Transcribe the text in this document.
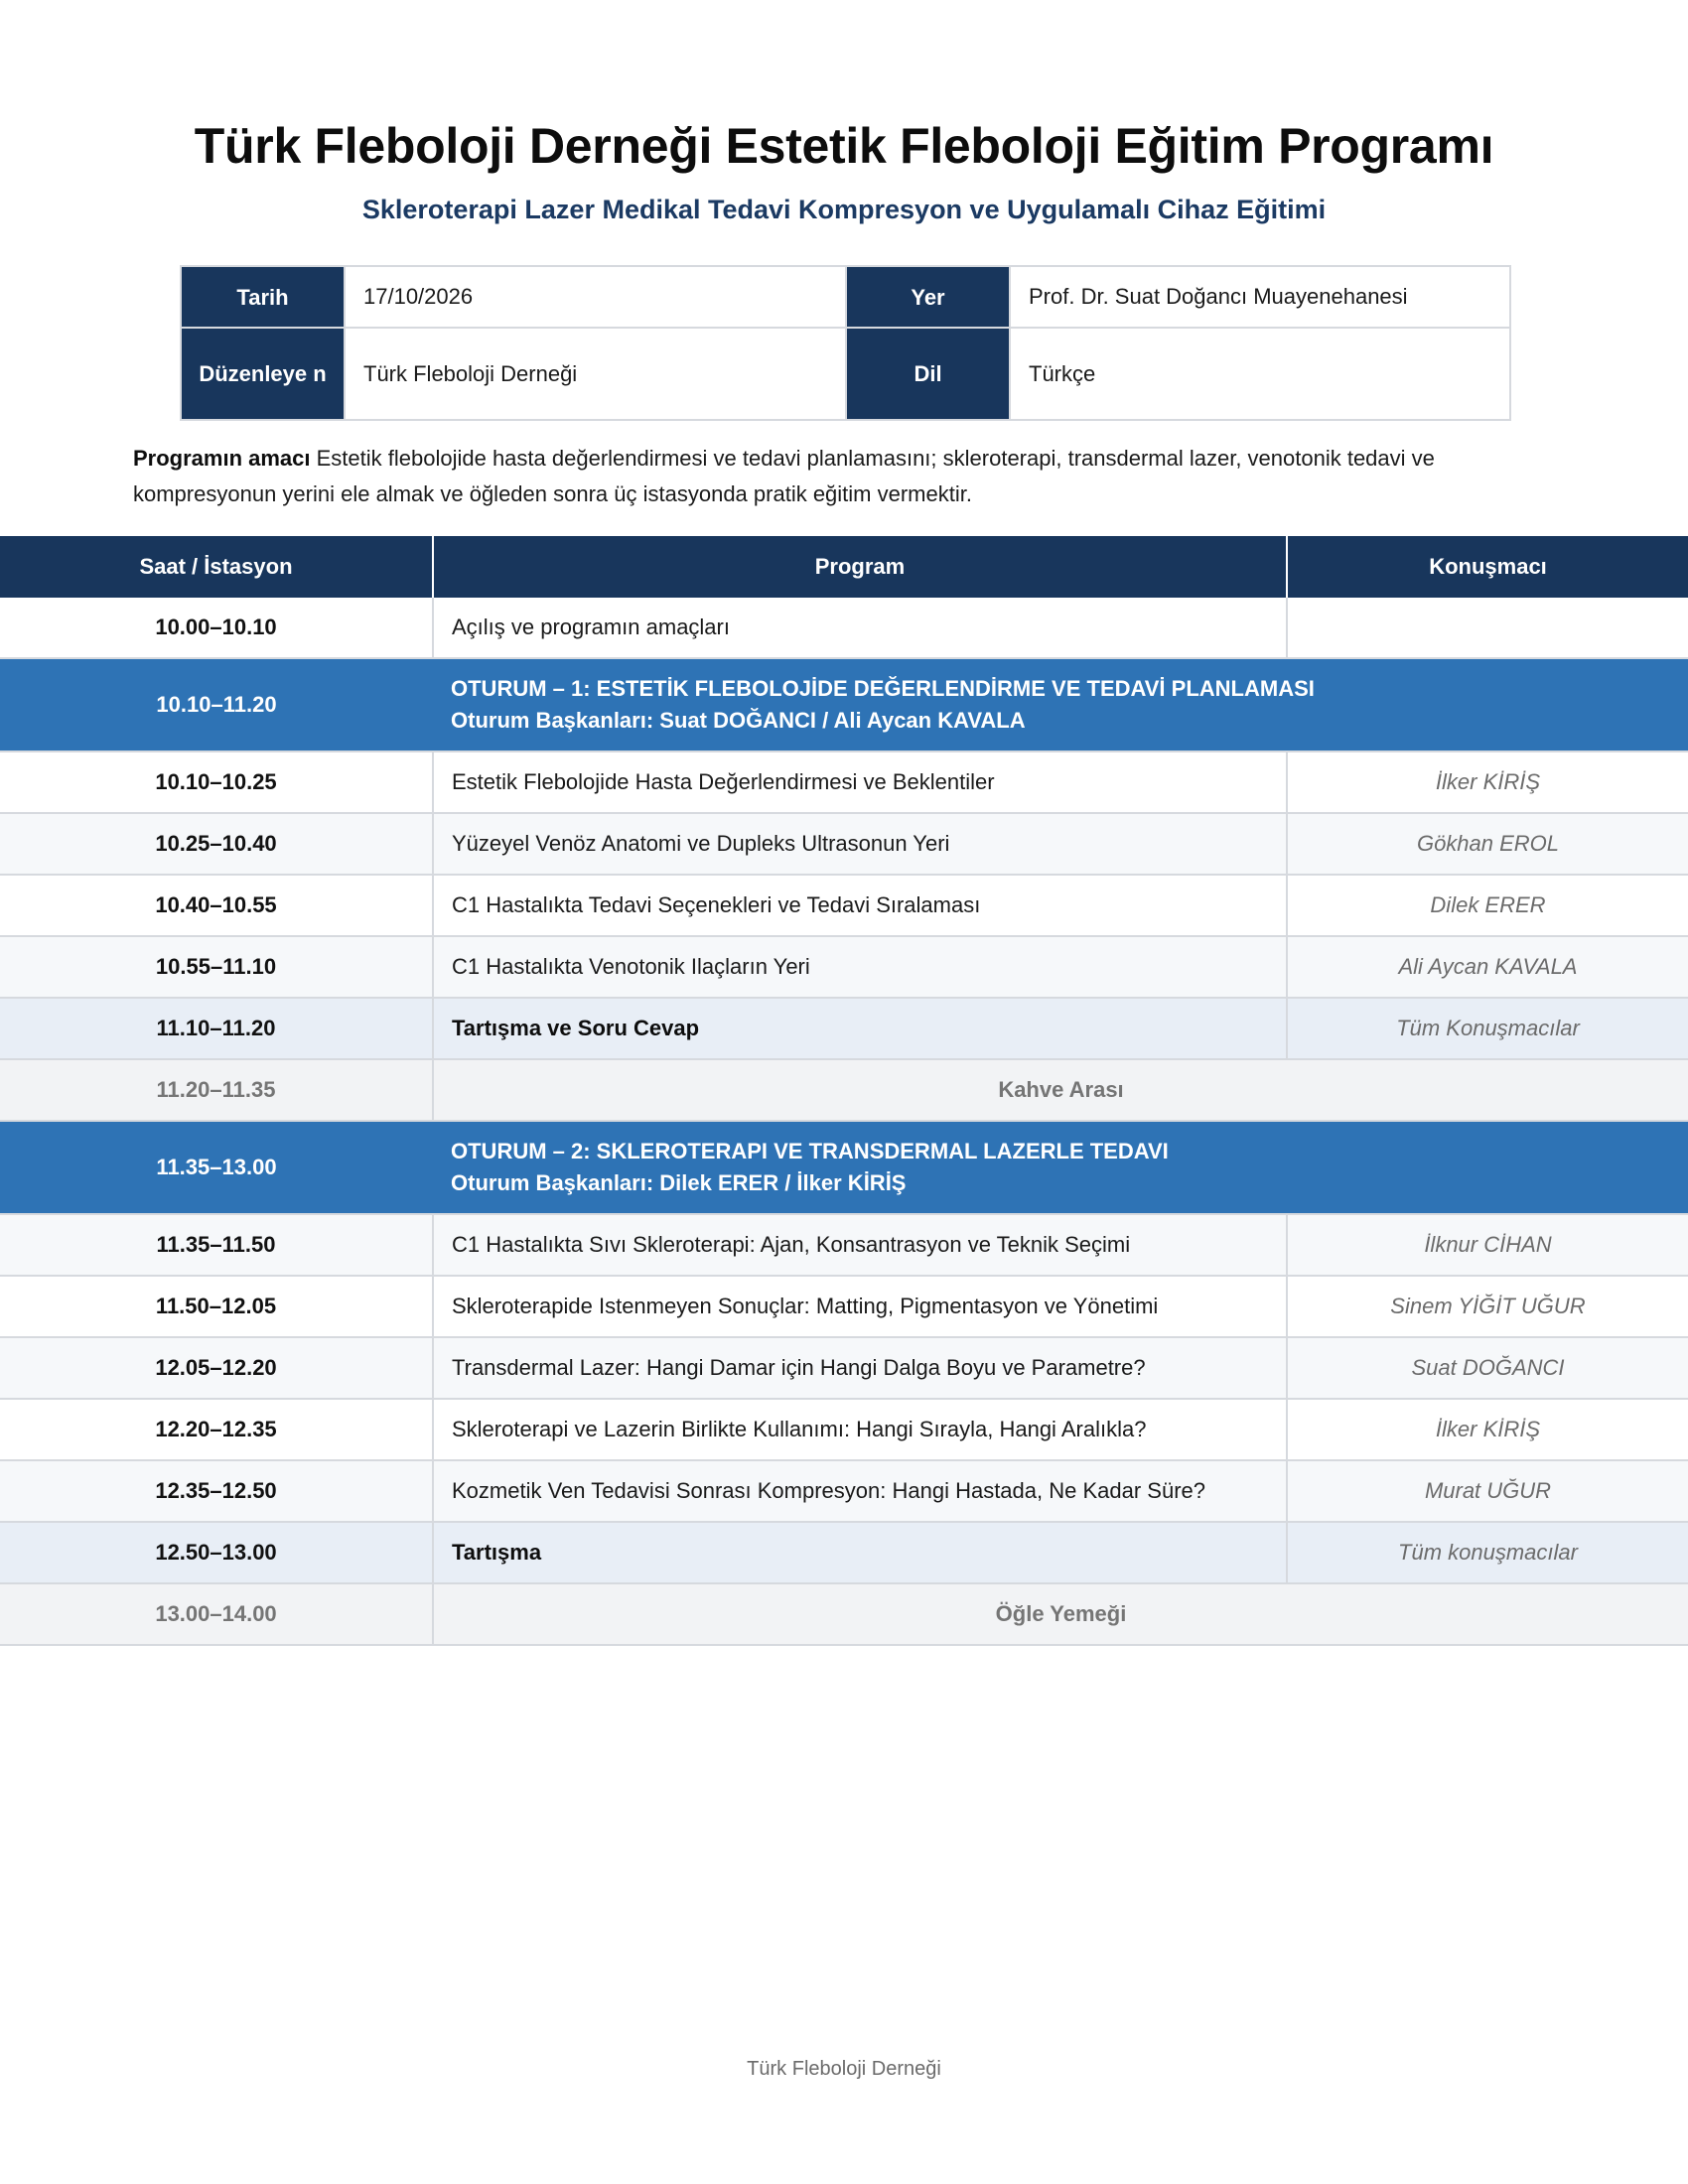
Türk Fleboloji Derneği Estetik Fleboloji Eğitim Programı
Skleroterapi Lazer Medikal Tedavi Kompresyon ve Uygulamalı Cihaz Eğitimi
Tarih	17/10/2026	Yer	Prof. Dr. Suat Doğancı Muayenehanesi
Düzenleye n	Türk Fleboloji Derneği	Dil	Türkçe
Programın amacı Estetik flebolojide hasta değerlendirmesi ve tedavi planlamasını; skleroterapi, transdermal lazer, venotonik tedavi ve kompresyonun yerini ele almak ve öğleden sonra üç istasyonda pratik eğitim vermektir.
Saat / İstasyon	Program	Konuşmacı
10.00–10.10	Açılış ve programın amaçları	
10.10–11.20	OTURUM – 1: ESTETİK FLEBOLOJİDE DEĞERLENDİRME VE TEDAVİ PLANLAMASI
Oturum Başkanları: Suat DOĞANCI / Ali Aycan KAVALA	

10.10–10.25	Estetik Flebolojide Hasta Değerlendirmesi ve Beklentiler	İlker KİRİŞ
10.25–10.40	Yüzeyel Venöz Anatomi ve Dupleks Ultrasonun Yeri	Gökhan EROL
10.40–10.55	C1 Hastalıkta Tedavi Seçenekleri ve Tedavi Sıralaması	Dilek ERER
10.55–11.10	C1 Hastalıkta Venotonik Ilaçların Yeri	Ali Aycan KAVALA
11.10–11.20	Tartışma ve Soru Cevap	Tüm Konuşmacılar
11.20–11.35	Kahve Arası	
11.35–13.00	OTURUM – 2: SKLEROTERAPI VE TRANSDERMAL LAZERLE TEDAVI
Oturum Başkanları: Dilek ERER / İlker KİRİŞ	

11.35–11.50	C1 Hastalıkta Sıvı Skleroterapi: Ajan, Konsantrasyon ve Teknik Seçimi	İlknur CİHAN
11.50–12.05	Skleroterapide Istenmeyen Sonuçlar: Matting, Pigmentasyon ve Yönetimi	Sinem YİĞİT UĞUR
12.05–12.20	Transdermal Lazer: Hangi Damar için Hangi Dalga Boyu ve Parametre?	Suat DOĞANCI
12.20–12.35	Skleroterapi ve Lazerin Birlikte Kullanımı: Hangi Sırayla, Hangi Aralıkla?	İlker KİRİŞ
12.35–12.50	Kozmetik Ven Tedavisi Sonrası Kompresyon: Hangi Hastada, Ne Kadar Süre?	Murat UĞUR
12.50–13.00	Tartışma	Tüm konuşmacılar
13.00–14.00	Öğle Yemeği	
Türk Fleboloji Derneği
